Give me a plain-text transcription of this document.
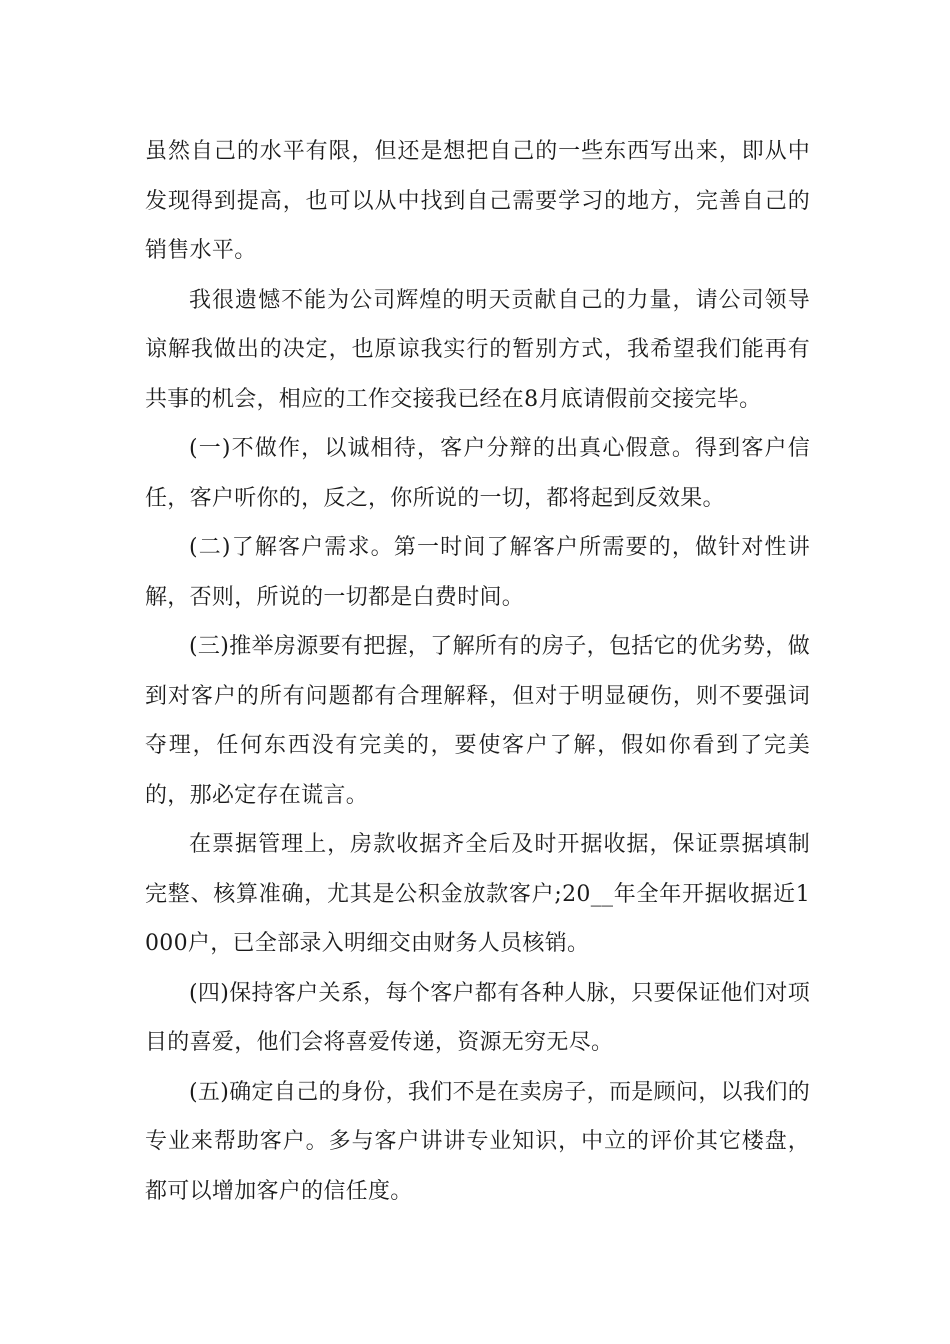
虽然自己的水平有限，但还是想把自己的一些东西写出来，即从中发现得到提高，也可以从中找到自己需要学习的地方，完善自己的销售水平。

我很遗憾不能为公司辉煌的明天贡献自己的力量，请公司领导谅解我做出的决定，也原谅我实行的暂别方式，我希望我们能再有共事的机会，相应的工作交接我已经在8月底请假前交接完毕。

(一)不做作，以诚相待，客户分辩的出真心假意。得到客户信任，客户听你的，反之，你所说的一切，都将起到反效果。

(二)了解客户需求。第一时间了解客户所需要的，做针对性讲解，否则，所说的一切都是白费时间。

(三)推举房源要有把握，了解所有的房子，包括它的优劣势，做到对客户的所有问题都有合理解释，但对于明显硬伤，则不要强词夺理，任何东西没有完美的，要使客户了解，假如你看到了完美的，那必定存在谎言。

在票据管理上，房款收据齐全后及时开据收据，保证票据填制完整、核算准确，尤其是公积金放款客户;20__年全年开据收据近1000户，已全部录入明细交由财务人员核销。

(四)保持客户关系，每个客户都有各种人脉，只要保证他们对项目的喜爱，他们会将喜爱传递，资源无穷无尽。

(五)确定自己的身份，我们不是在卖房子，而是顾问，以我们的专业来帮助客户。多与客户讲讲专业知识，中立的评价其它楼盘，都可以增加客户的信任度。
